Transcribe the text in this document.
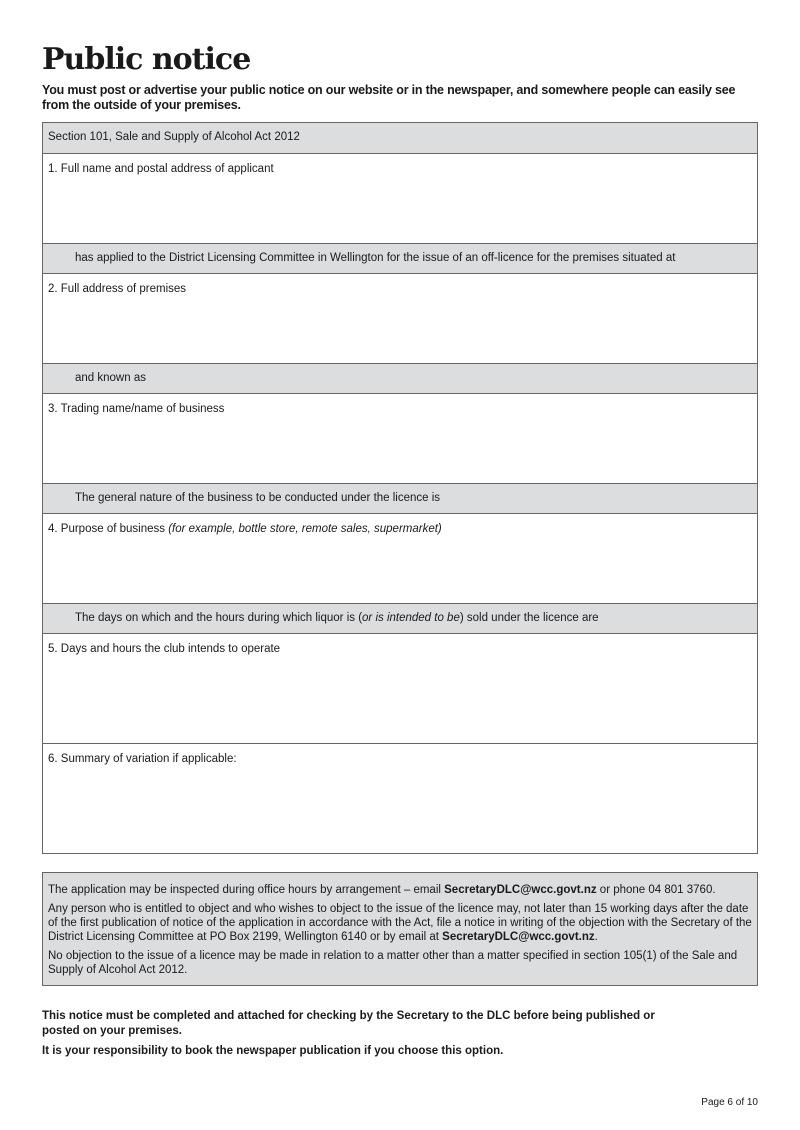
Public notice

You must post or advertise your public notice on our website or in the newspaper, and somewhere people can easily see from the outside of your premises.

Section 101, Sale and Supply of Alcohol Act 2012
1. Full name and postal address of applicant
has applied to the District Licensing Committee in Wellington for the issue of an off-licence for the premises situated at
2. Full address of premises
and known as
3. Trading name/name of business
The general nature of the business to be conducted under the licence is
4. Purpose of business (for example, bottle store, remote sales, supermarket)
The days on which and the hours during which liquor is (or is intended to be) sold under the licence are
5. Days and hours the club intends to operate
6. Summary of variation if applicable:

The application may be inspected during office hours by arrangement – email SecretaryDLC@wcc.govt.nz or phone 04 801 3760.

Any person who is entitled to object and who wishes to object to the issue of the licence may, not later than 15 working days after the date of the first publication of notice of the application in accordance with the Act, file a notice in writing of the objection with the Secretary of the District Licensing Committee at PO Box 2199, Wellington 6140 or by email at SecretaryDLC@wcc.govt.nz.

No objection to the issue of a licence may be made in relation to a matter other than a matter specified in section 105(1) of the Sale and Supply of Alcohol Act 2012.

This notice must be completed and attached for checking by the Secretary to the DLC before being published or posted on your premises.

It is your responsibility to book the newspaper publication if you choose this option.

Page 6 of 10
